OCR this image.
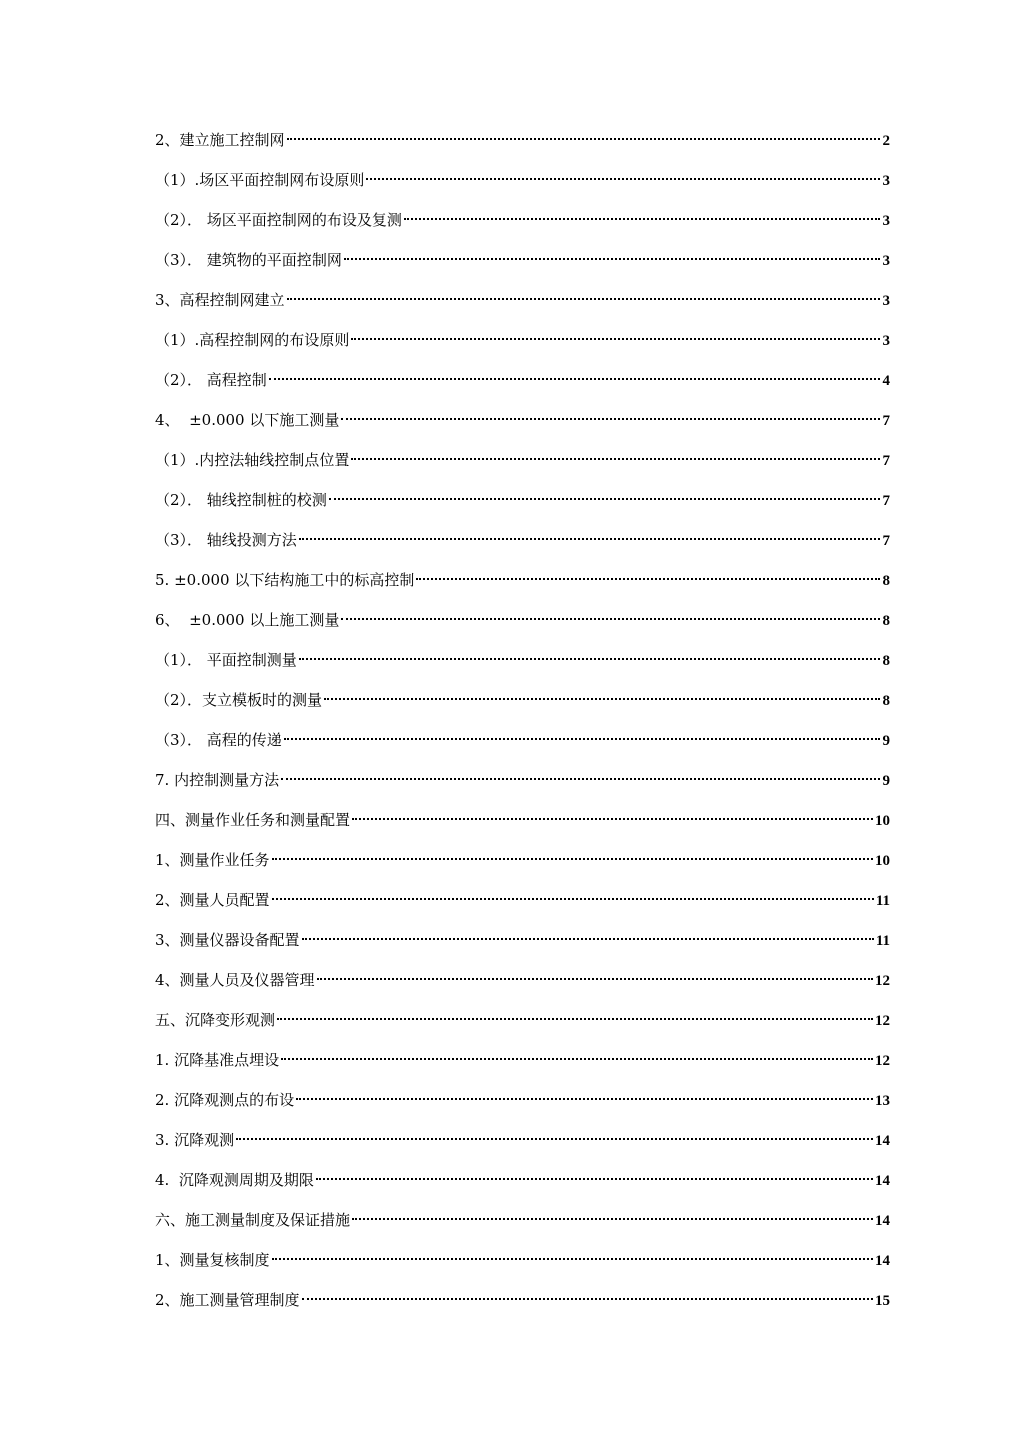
2、建立施工控制网	2
（1）.场区平面控制网布设原则	3
（2）． 场区平面控制网的布设及复测	3
（3）． 建筑物的平面控制网	3
3、高程控制网建立	3
（1）.高程控制网的布设原则	3
（2）． 高程控制	4
4、  ±0.000 以下施工测量	7
（1）.内控法轴线控制点位置	7
（2）． 轴线控制桩的校测	7
（3）． 轴线投测方法	7
5. ±0.000 以下结构施工中的标高控制	8
6、  ±0.000 以上施工测量	8
（1）． 平面控制测量	8
（2）．支立模板时的测量	8
（3）． 高程的传递	9
7. 内控制测量方法	9
四、测量作业任务和测量配置	10
1、测量作业任务	10
2、测量人员配置	11
3、测量仪器设备配置	11
4、测量人员及仪器管理	12
五、沉降变形观测	12
1. 沉降基准点埋设	12
2. 沉降观测点的布设	13
3. 沉降观测	14
4.  沉降观测周期及期限	14
六、施工测量制度及保证措施	14
1、测量复核制度	14
2、施工测量管理制度	15
